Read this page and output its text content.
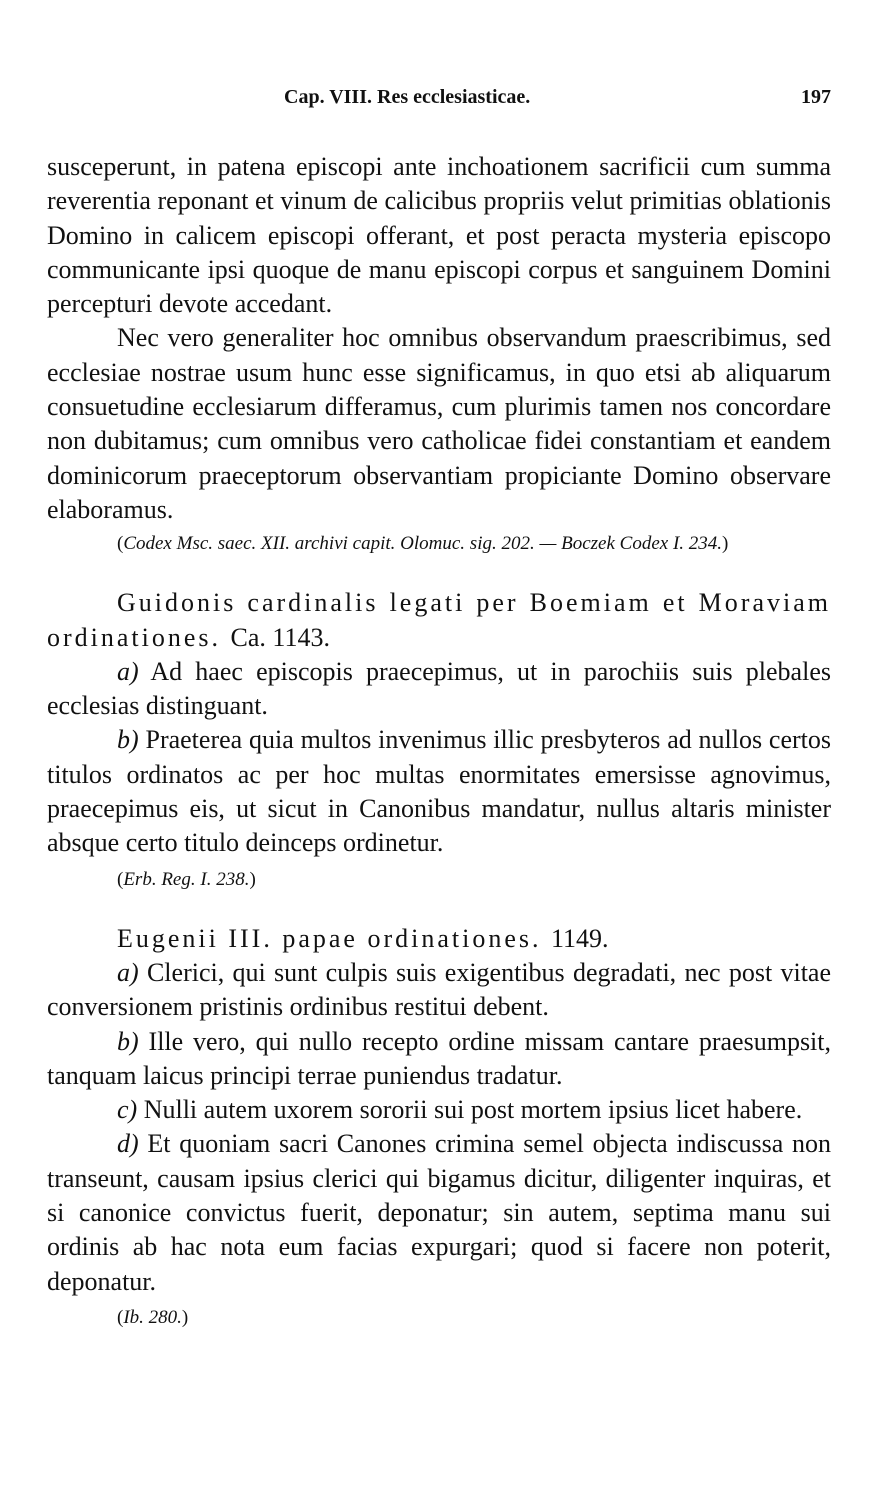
Cap. VIII. Res ecclesiasticae.	197

susceperunt, in patena episcopi ante inchoationem sacrificii cum summa reverentia reponant et vinum de calicibus propriis velut primitias oblationis Domino in calicem episcopi offerant, et post peracta mysteria episcopo communicante ipsi quoque de manu episcopi corpus et sanguinem Domini percepturi devote accedant.

Nec vero generaliter hoc omnibus observandum praescribimus, sed ecclesiae nostrae usum hunc esse significamus, in quo etsi ab aliquarum consuetudine ecclesiarum differamus, cum plurimis tamen nos concordare non dubitamus; cum omnibus vero catholicae fidei constantiam et eandem dominicorum praeceptorum observantiam propiciante Domino observare elaboramus.

(Codex Msc. saec. XII. archivi capit. Olomuc. sig. 202. — Boczek Codex I. 234.)
Guidonis cardinalis legati per Boemiam et Moraviam ordinationes. Ca. 1143.

a) Ad haec episcopis praecepimus, ut in parochiis suis plebales ecclesias distinguant.

b) Praeterea quia multos invenimus illic presbyteros ad nullos certos titulos ordinatos ac per hoc multas enormitates emersisse agnovimus, praecepimus eis, ut sicut in Canonibus mandatur, nullus altaris minister absque certo titulo deinceps ordinetur.

(Erb. Reg. I. 238.)
Eugenii III. papae ordinationes. 1149.

a) Clerici, qui sunt culpis suis exigentibus degradati, nec post vitae conversionem pristinis ordinibus restitui debent.

b) Ille vero, qui nullo recepto ordine missam cantare praesumpsit, tanquam laicus principi terrae puniendus tradatur.

c) Nulli autem uxorem sororii sui post mortem ipsius licet habere.

d) Et quoniam sacri Canones crimina semel objecta indiscussa non transeunt, causam ipsius clerici qui bigamus dicitur, diligenter inquiras, et si canonice convictus fuerit, deponatur; sin autem, septima manu sui ordinis ab hac nota eum facias expurgari; quod si facere non poterit, deponatur.

(Ib. 280.)
